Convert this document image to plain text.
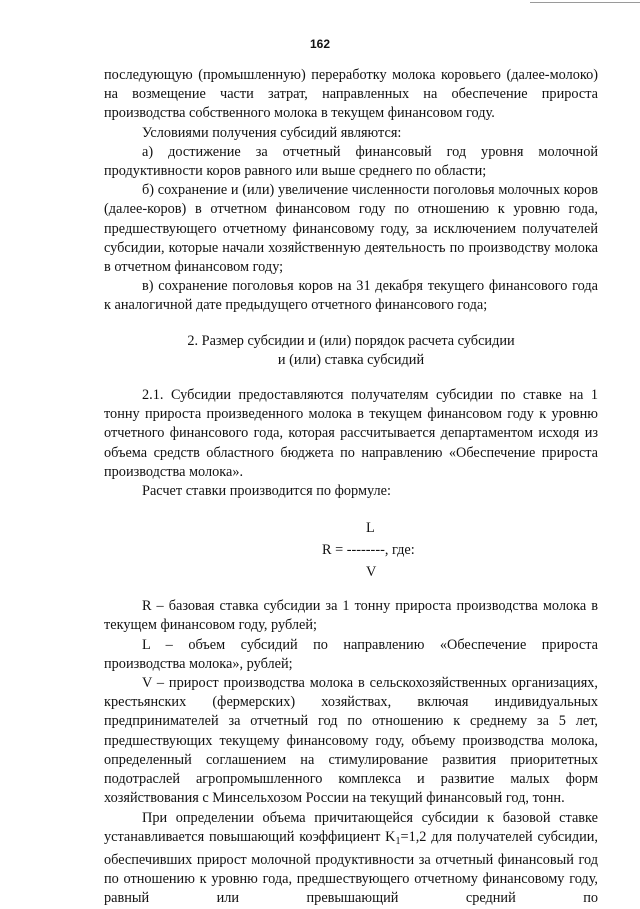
162

последующую (промышленную) переработку молока коровьего (далее-молоко) на возмещение части затрат, направленных на обеспечение прироста производства собственного молока в текущем финансовом году.

Условиями получения субсидий являются:

а) достижение за отчетный финансовый год уровня молочной продуктивности коров равного или выше среднего по области;

б) сохранение и (или) увеличение численности поголовья молочных коров (далее-коров) в отчетном финансовом году по отношению к уровню года, предшествующего отчетному финансовому году, за исключением получателей субсидии, которые начали хозяйственную деятельность по производству молока в отчетном финансовом году;

в) сохранение поголовья коров на 31 декабря текущего финансового года к аналогичной дате предыдущего отчетного финансового года;

2. Размер субсидии и (или) порядок расчета субсидии
и (или) ставка субсидий

2.1. Субсидии предоставляются получателям субсидии по ставке на 1 тонну прироста произведенного молока в текущем финансовом году к уровню отчетного финансового года, которая рассчитывается департаментом исходя из объема средств областного бюджета по направлению «Обеспечение прироста производства молока».

Расчет ставки производится по формуле:

L
R = --------, где:
V

R – базовая ставка субсидии за 1 тонну прироста производства молока в текущем финансовом году, рублей;

L – объем субсидий по направлению «Обеспечение прироста производства молока», рублей;

V – прирост производства молока в сельскохозяйственных организациях, крестьянских (фермерских) хозяйствах, включая индивидуальных предпринимателей за отчетный год по отношению к среднему за 5 лет, предшествующих текущему финансовому году, объему производства молока, определенный соглашением на стимулирование развития приоритетных подотраслей агропромышленного комплекса и развитие малых форм хозяйствования с Минсельхозом России на текущий финансовый год, тонн.

При определении объема причитающейся субсидии к базовой ставке устанавливается повышающий коэффициент $K_1=1,2$ для получателей субсидии, обеспечивших прирост молочной продуктивности за отчетный финансовый год по отношению к уровню года, предшествующего отчетному финансовому году, равный или превышающий средний по
